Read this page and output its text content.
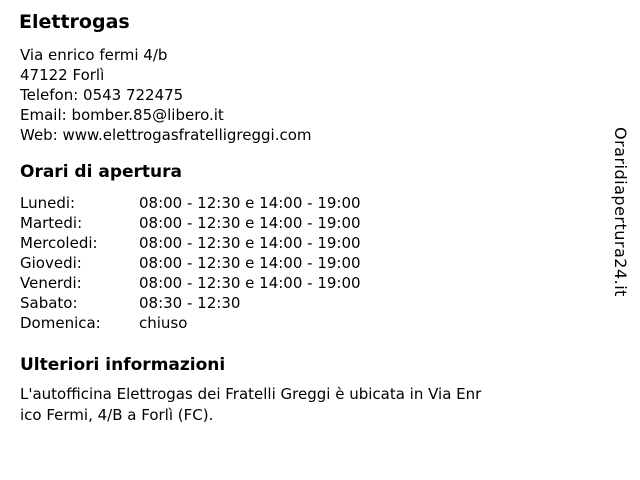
Elettrogas
Via enrico fermi 4/b
47122 Forlì
Telefon: 0543 722475
Email: bomber.85@libero.it
Web: www.elettrogasfratelligreggi.com
Orari di apertura
Lunedi:	08:00 - 12:30 e 14:00 - 19:00
Martedi:	08:00 - 12:30 e 14:00 - 19:00
Mercoledi:	08:00 - 12:30 e 14:00 - 19:00
Giovedi:	08:00 - 12:30 e 14:00 - 19:00
Venerdi:	08:00 - 12:30 e 14:00 - 19:00
Sabato:	08:30 - 12:30
Domenica:	chiuso
Ulteriori informazioni
L'autofficina Elettrogas dei Fratelli Greggi è ubicata in Via Enr
ico Fermi, 4/B a Forlì (FC).
Oraridiapertura24.it
